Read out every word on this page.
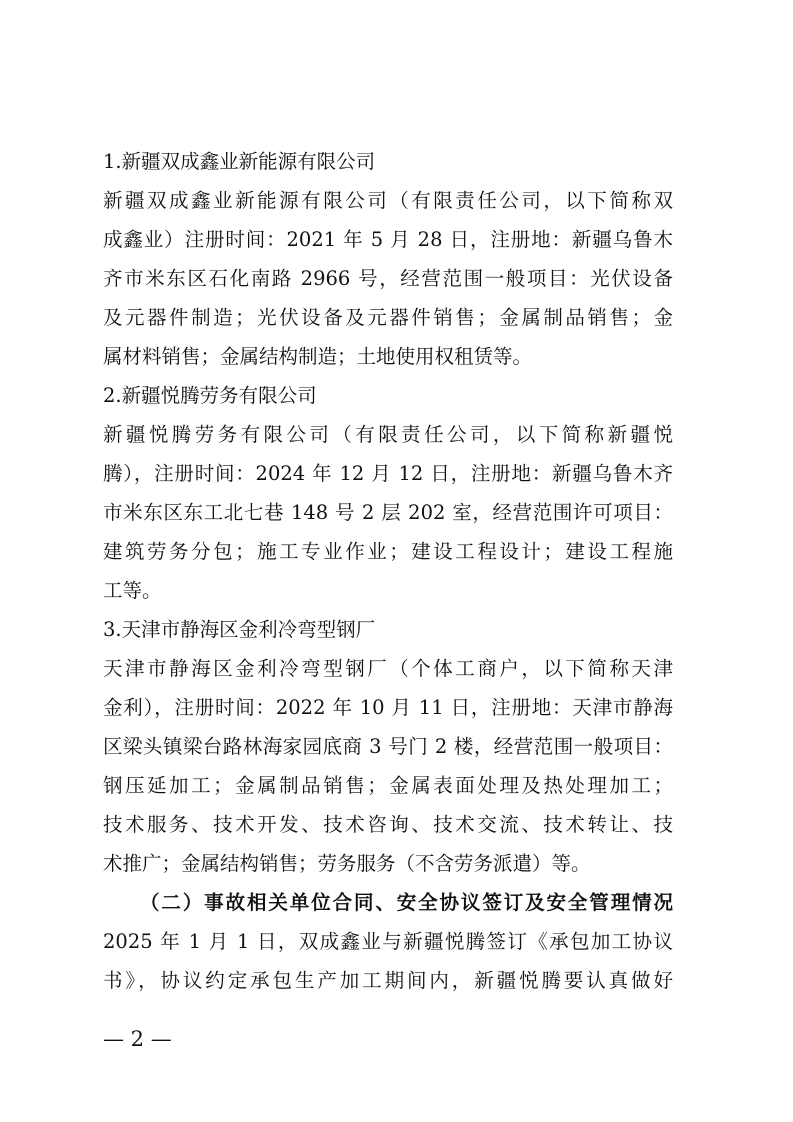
1.新疆双成鑫业新能源有限公司
新疆双成鑫业新能源有限公司（有限责任公司，以下简称双
成鑫业）注册时间：2021 年 5 月 28 日，注册地：新疆乌鲁木
齐市米东区石化南路 2966 号，经营范围一般项目：光伏设备
及元器件制造；光伏设备及元器件销售；金属制品销售；金
属材料销售；金属结构制造；土地使用权租赁等。
2.新疆悦腾劳务有限公司
新疆悦腾劳务有限公司（有限责任公司，以下简称新疆悦
腾），注册时间：2024 年 12 月 12 日，注册地：新疆乌鲁木齐
市米东区东工北七巷 148 号 2 层 202 室，经营范围许可项目：
建筑劳务分包；施工专业作业；建设工程设计；建设工程施
工等。
3.天津市静海区金利冷弯型钢厂
天津市静海区金利冷弯型钢厂（个体工商户，以下简称天津
金利），注册时间：2022 年 10 月 11 日，注册地：天津市静海
区梁头镇梁台路林海家园底商 3 号门 2 楼，经营范围一般项目：
钢压延加工；金属制品销售；金属表面处理及热处理加工；
技术服务、技术开发、技术咨询、技术交流、技术转让、技
术推广；金属结构销售；劳务服务（不含劳务派遣）等。
（二）事故相关单位合同、安全协议签订及安全管理情况
2025 年 1 月 1 日，双成鑫业与新疆悦腾签订《承包加工协议
书》，协议约定承包生产加工期间内，新疆悦腾要认真做好
— 2 —
